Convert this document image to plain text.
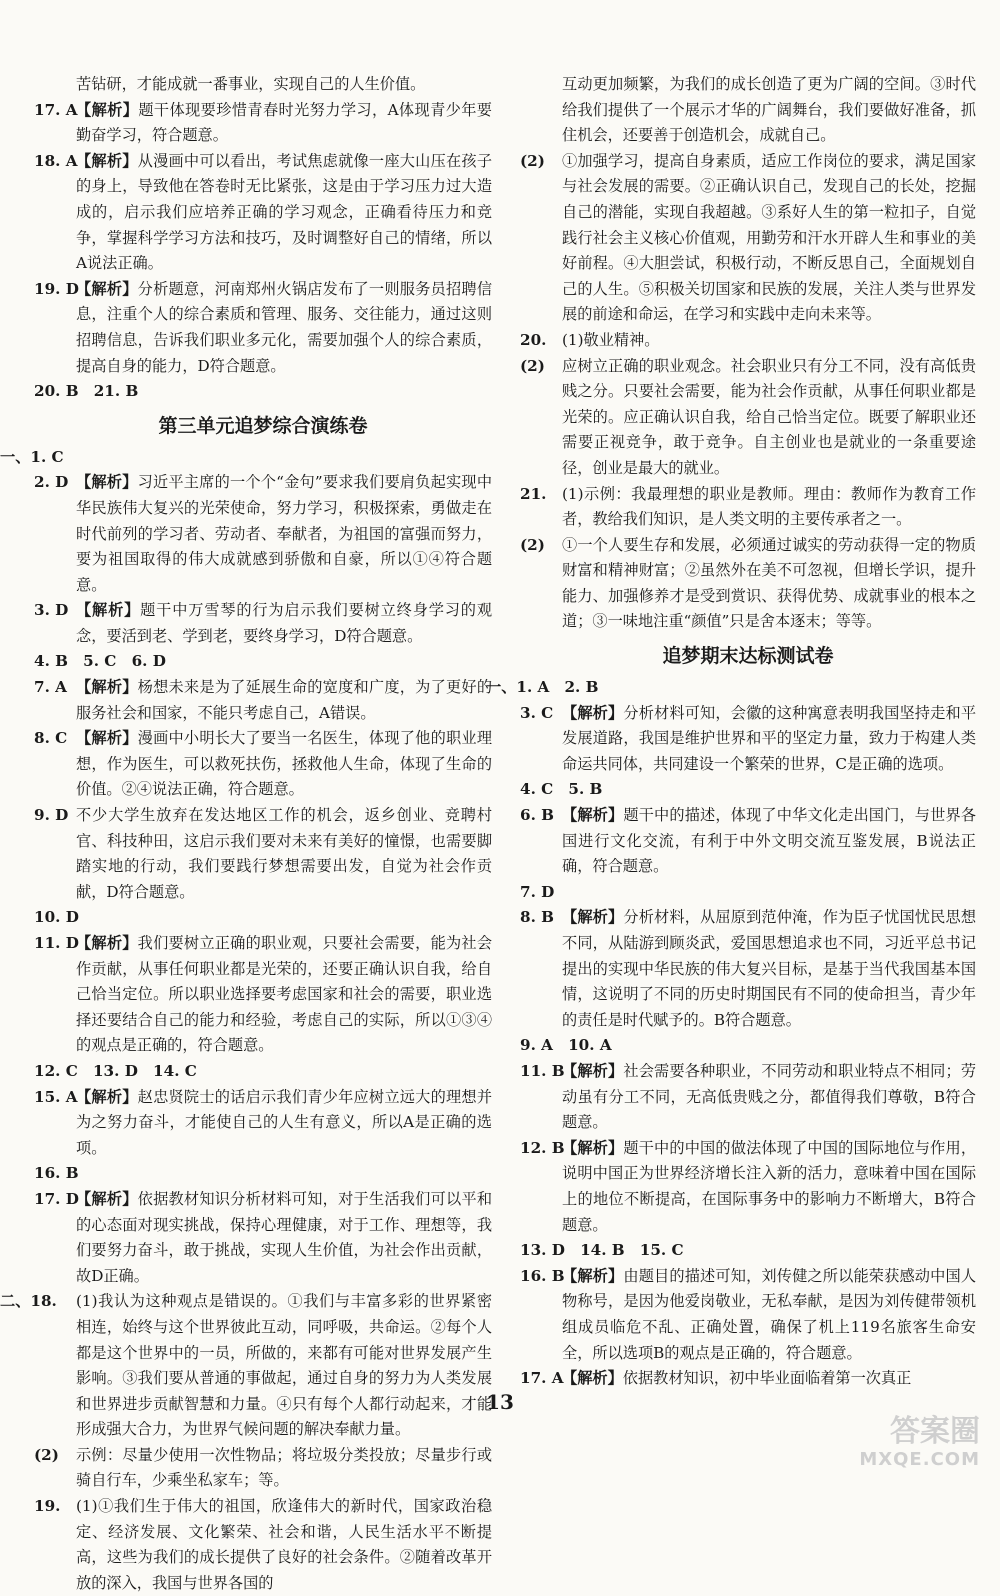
苦钻研，才能成就一番事业，实现自己的人生价值。

17. A
【解析】题干体现要珍惜青春时光努力学习，A体现青少年要勤奋学习，符合题意。

18. A
【解析】从漫画中可以看出，考试焦虑就像一座大山压在孩子的身上，导致他在答卷时无比紧张，这是由于学习压力过大造成的，启示我们应培养正确的学习观念，正确看待压力和竞争，掌握科学学习方法和技巧，及时调整好自己的情绪，所以A说法正确。

19. D
【解析】分析题意，河南郑州火锅店发布了一则服务员招聘信息，注重个人的综合素质和管理、服务、交往能力，通过这则招聘信息，告诉我们职业多元化，需要加强个人的综合素质，提高自身的能力，D符合题意。

20. B　21. B

第三单元追梦综合演练卷

一、1. C

2. D 【解析】习近平主席的一个个“金句”要求我们要肩负起实现中华民族伟大复兴的光荣使命，努力学习，积极探索，勇做走在时代前列的学习者、劳动者、奉献者，为祖国的富强而努力，要为祖国取得的伟大成就感到骄傲和自豪，所以①④符合题意。

3. D 【解析】题干中万雪琴的行为启示我们要树立终身学习的观念，要活到老、学到老，要终身学习，D符合题意。

4. B　5. C　6. D

7. A 【解析】杨想未来是为了延展生命的宽度和广度，为了更好的服务社会和国家，不能只考虑自己，A错误。

8. C 【解析】漫画中小明长大了要当一名医生，体现了他的职业理想，作为医生，可以救死扶伤，拯救他人生命，体现了生命的价值。②④说法正确，符合题意。

9. D 不少大学生放弃在发达地区工作的机会，返乡创业、竞聘村官、科技种田，这启示我们要对未来有美好的憧憬，也需要脚踏实地的行动，我们要践行梦想需要出发，自觉为社会作贡献，D符合题意。

10. D

11. D
【解析】我们要树立正确的职业观，只要社会需要，能为社会作贡献，从事任何职业都是光荣的，还要正确认识自我，给自己恰当定位。所以职业选择要考虑国家和社会的需要，职业选择还要结合自己的能力和经验，考虑自己的实际，所以①③④的观点是正确的，符合题意。

12. C　13. D　14. C

15. A
【解析】赵忠贤院士的话启示我们青少年应树立远大的理想并为之努力奋斗，才能使自己的人生有意义，所以A是正确的选项。

16. B

17. D
【解析】依据教材知识分析材料可知，对于生活我们可以平和的心态面对现实挑战，保持心理健康，对于工作、理想等，我们要努力奋斗，敢于挑战，实现人生价值，为社会作出贡献，故D正确。

二、18. (1)我认为这种观点是错误的。①我们与丰富多彩的世界紧密相连，始终与这个世界彼此互动，同呼吸，共命运。②每个人都是这个世界中的一员，所做的，来都有可能对世界发展产生影响。③我们要从普通的事做起，通过自身的努力为人类发展和世界进步贡献智慧和力量。④只有每个人都行动起来，才能形成强大合力，为世界气候问题的解决奉献力量。

(2) 示例：尽量少使用一次性物品；将垃圾分类投放；尽量步行或骑自行车，少乘坐私家车；等。

19. (1)①我们生于伟大的祖国，欣逢伟大的新时代，国家政治稳定、经济发展、文化繁荣、社会和谐，人民生活水平不断提高，这些为我们的成长提供了良好的社会条件。②随着改革开放的深入，我国与世界各国的

互动更加频繁，为我们的成长创造了更为广阔的空间。③时代给我们提供了一个展示才华的广阔舞台，我们要做好准备，抓住机会，还要善于创造机会，成就自己。

(2) ①加强学习，提高自身素质，适应工作岗位的要求，满足国家与社会发展的需要。②正确认识自己，发现自己的长处，挖掘自己的潜能，实现自我超越。③系好人生的第一粒扣子，自觉践行社会主义核心价值观，用勤劳和汗水开辟人生和事业的美好前程。④大胆尝试，积极行动，不断反思自己，全面规划自己的人生。⑤积极关切国家和民族的发展，关注人类与世界发展的前途和命运，在学习和实践中走向未来等。

20. (1)敬业精神。

(2) 应树立正确的职业观念。社会职业只有分工不同，没有高低贵贱之分。只要社会需要，能为社会作贡献，从事任何职业都是光荣的。应正确认识自我，给自己恰当定位。既要了解职业还需要正视竞争，敢于竞争。自主创业也是就业的一条重要途径，创业是最大的就业。

21. (1)示例：我最理想的职业是教师。理由：教师作为教育工作者，教给我们知识，是人类文明的主要传承者之一。

(2) ①一个人要生存和发展，必须通过诚实的劳动获得一定的物质财富和精神财富；②虽然外在美不可忽视，但增长学识，提升能力、加强修养才是受到赏识、获得优势、成就事业的根本之道；③一味地注重“颜值”只是舍本逐末；等等。

追梦期末达标测试卷

一、1. A　2. B

3. C 【解析】分析材料可知，会徽的这种寓意表明我国坚持走和平发展道路，我国是维护世界和平的坚定力量，致力于构建人类命运共同体，共同建设一个繁荣的世界，C是正确的选项。

4. C　5. B

6. B 【解析】题干中的描述，体现了中华文化走出国门，与世界各国进行文化交流，有利于中外文明交流互鉴发展，B说法正确，符合题意。

7. D

8. B 【解析】分析材料，从屈原到范仲淹，作为臣子忧国忧民思想不同，从陆游到顾炎武，爱国思想追求也不同，习近平总书记提出的实现中华民族的伟大复兴目标，是基于当代我国基本国情，这说明了不同的历史时期国民有不同的使命担当，青少年的责任是时代赋予的。B符合题意。

9. A　10. A

11. B
【解析】社会需要各种职业，不同劳动和职业特点不相同；劳动虽有分工不同，无高低贵贱之分，都值得我们尊敬，B符合题意。

12. B
【解析】题干中的中国的做法体现了中国的国际地位与作用，说明中国正为世界经济增长注入新的活力，意味着中国在国际上的地位不断提高，在国际事务中的影响力不断增大，B符合题意。

13. D　14. B　15. C

16. B
【解析】由题目的描述可知，刘传健之所以能荣获感动中国人物称号，是因为他爱岗敬业，无私奉献，是因为刘传健带领机组成员临危不乱、正确处置，确保了机上119名旅客生命安全，所以选项B的观点是正确的，符合题意。

17. A
【解析】依据教材知识，初中毕业面临着第一次真正

13
答案圈
MXQE.COM
